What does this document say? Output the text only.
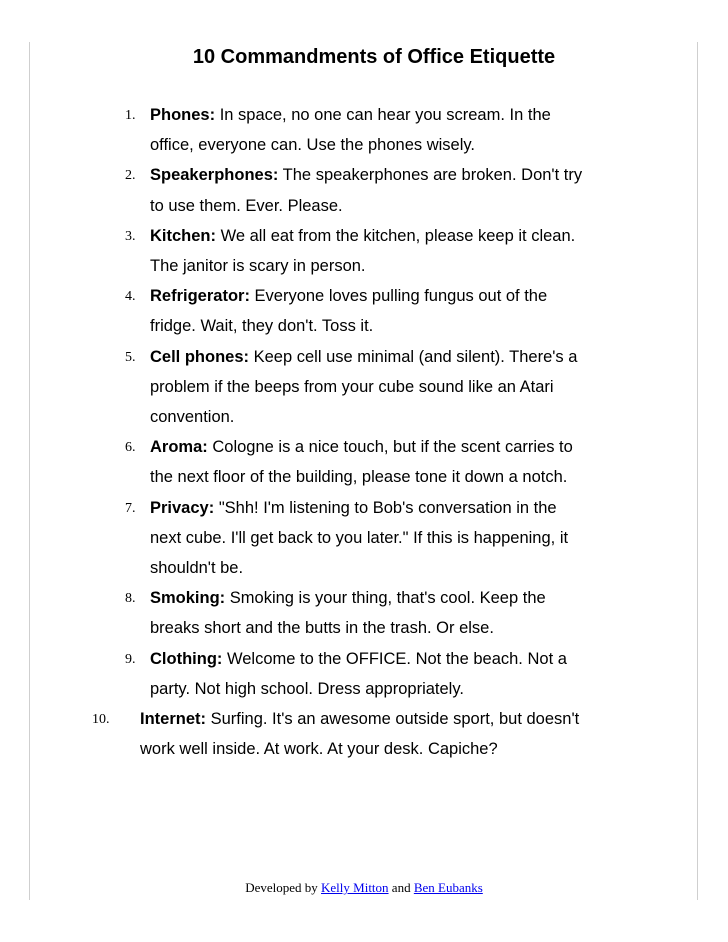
10 Commandments of Office Etiquette
1. Phones: In space, no one can hear you scream. In the
office, everyone can. Use the phones wisely.
2. Speakerphones: The speakerphones are broken. Don't try
to use them. Ever. Please.
3. Kitchen: We all eat from the kitchen, please keep it clean.
The janitor is scary in person.
4. Refrigerator: Everyone loves pulling fungus out of the
fridge. Wait, they don't. Toss it.
5. Cell phones: Keep cell use minimal (and silent). There's a
problem if the beeps from your cube sound like an Atari
convention.
6. Aroma: Cologne is a nice touch, but if the scent carries to
the next floor of the building, please tone it down a notch.
7. Privacy: "Shh! I'm listening to Bob's conversation in the
next cube. I'll get back to you later." If this is happening, it
shouldn't be.
8. Smoking: Smoking is your thing, that's cool. Keep the
breaks short and the butts in the trash. Or else.
9. Clothing: Welcome to the OFFICE. Not the beach. Not a
party. Not high school. Dress appropriately.
10. Internet: Surfing. It's an awesome outside sport, but doesn't
work well inside. At work. At your desk. Capiche?
Developed by Kelly Mitton and Ben Eubanks
